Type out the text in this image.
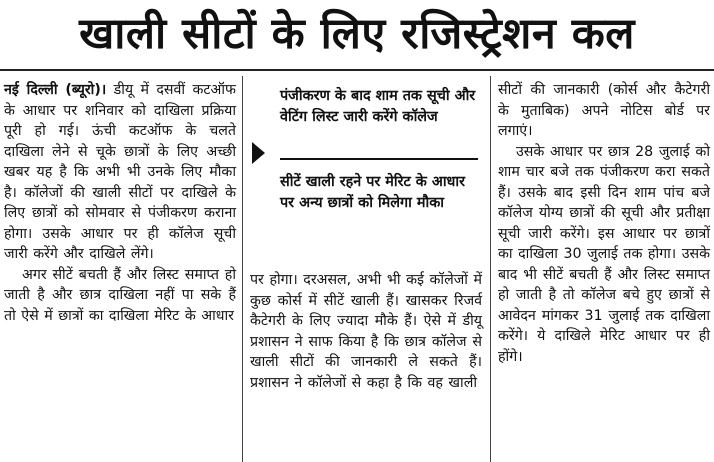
खाली सीटों के लिए रजिस्ट्रेशन कल

नई दिल्ली (ब्यूरो)। डीयू में दसवीं कटऑफ के आधार पर शनिवार को दाखिला प्रक्रिया पूरी हो गई। ऊंची कटऑफ के चलते दाखिला लेने से चूके छात्रों के लिए अच्छी खबर यह है कि अभी भी उनके लिए मौका है। कॉलेजों की खाली सीटों पर दाखिले के लिए छात्रों को सोमवार से पंजीकरण कराना होगा। उसके आधार पर ही कॉलेज सूची जारी करेंगे और दाखिले लेंगे।

अगर सीटें बचती हैं और लिस्ट समाप्त हो जाती है और छात्र दाखिला नहीं पा सके हैं तो ऐसे में छात्रों का दाखिला मेरिट के आधार

पंजीकरण के बाद शाम तक सूची और वेटिंग लिस्ट जारी करेंगे कॉलेज
सीटें खाली रहने पर मेरिट के आधार पर अन्य छात्रों को मिलेगा मौका

पर होगा। दरअसल, अभी भी कई कॉलेजों में कुछ कोर्स में सीटें खाली हैं। खासकर रिजर्व कैटेगरी के लिए ज्यादा मौके हैं। ऐसे में डीयू प्रशासन ने साफ किया है कि छात्र कॉलेज से खाली सीटों की जानकारी ले सकते हैं। प्रशासन ने कॉलेजों से कहा है कि वह खाली

सीटों की जानकारी (कोर्स और कैटेगरी के मुताबिक) अपने नोटिस बोर्ड पर लगाएं।

उसके आधार पर छात्र 28 जुलाई को शाम चार बजे तक पंजीकरण करा सकते हैं। उसके बाद इसी दिन शाम पांच बजे कॉलेज योग्य छात्रों की सूची और प्रतीक्षा सूची जारी करेंगे। इस आधार पर छात्रों का दाखिला 30 जुलाई तक होगा। उसके बाद भी सीटें बचती हैं और लिस्ट समाप्त हो जाती है तो कॉलेज बचे हुए छात्रों से आवेदन मांगकर 31 जुलाई तक दाखिला करेंगे। ये दाखिले मेरिट आधार पर ही होंगे।
